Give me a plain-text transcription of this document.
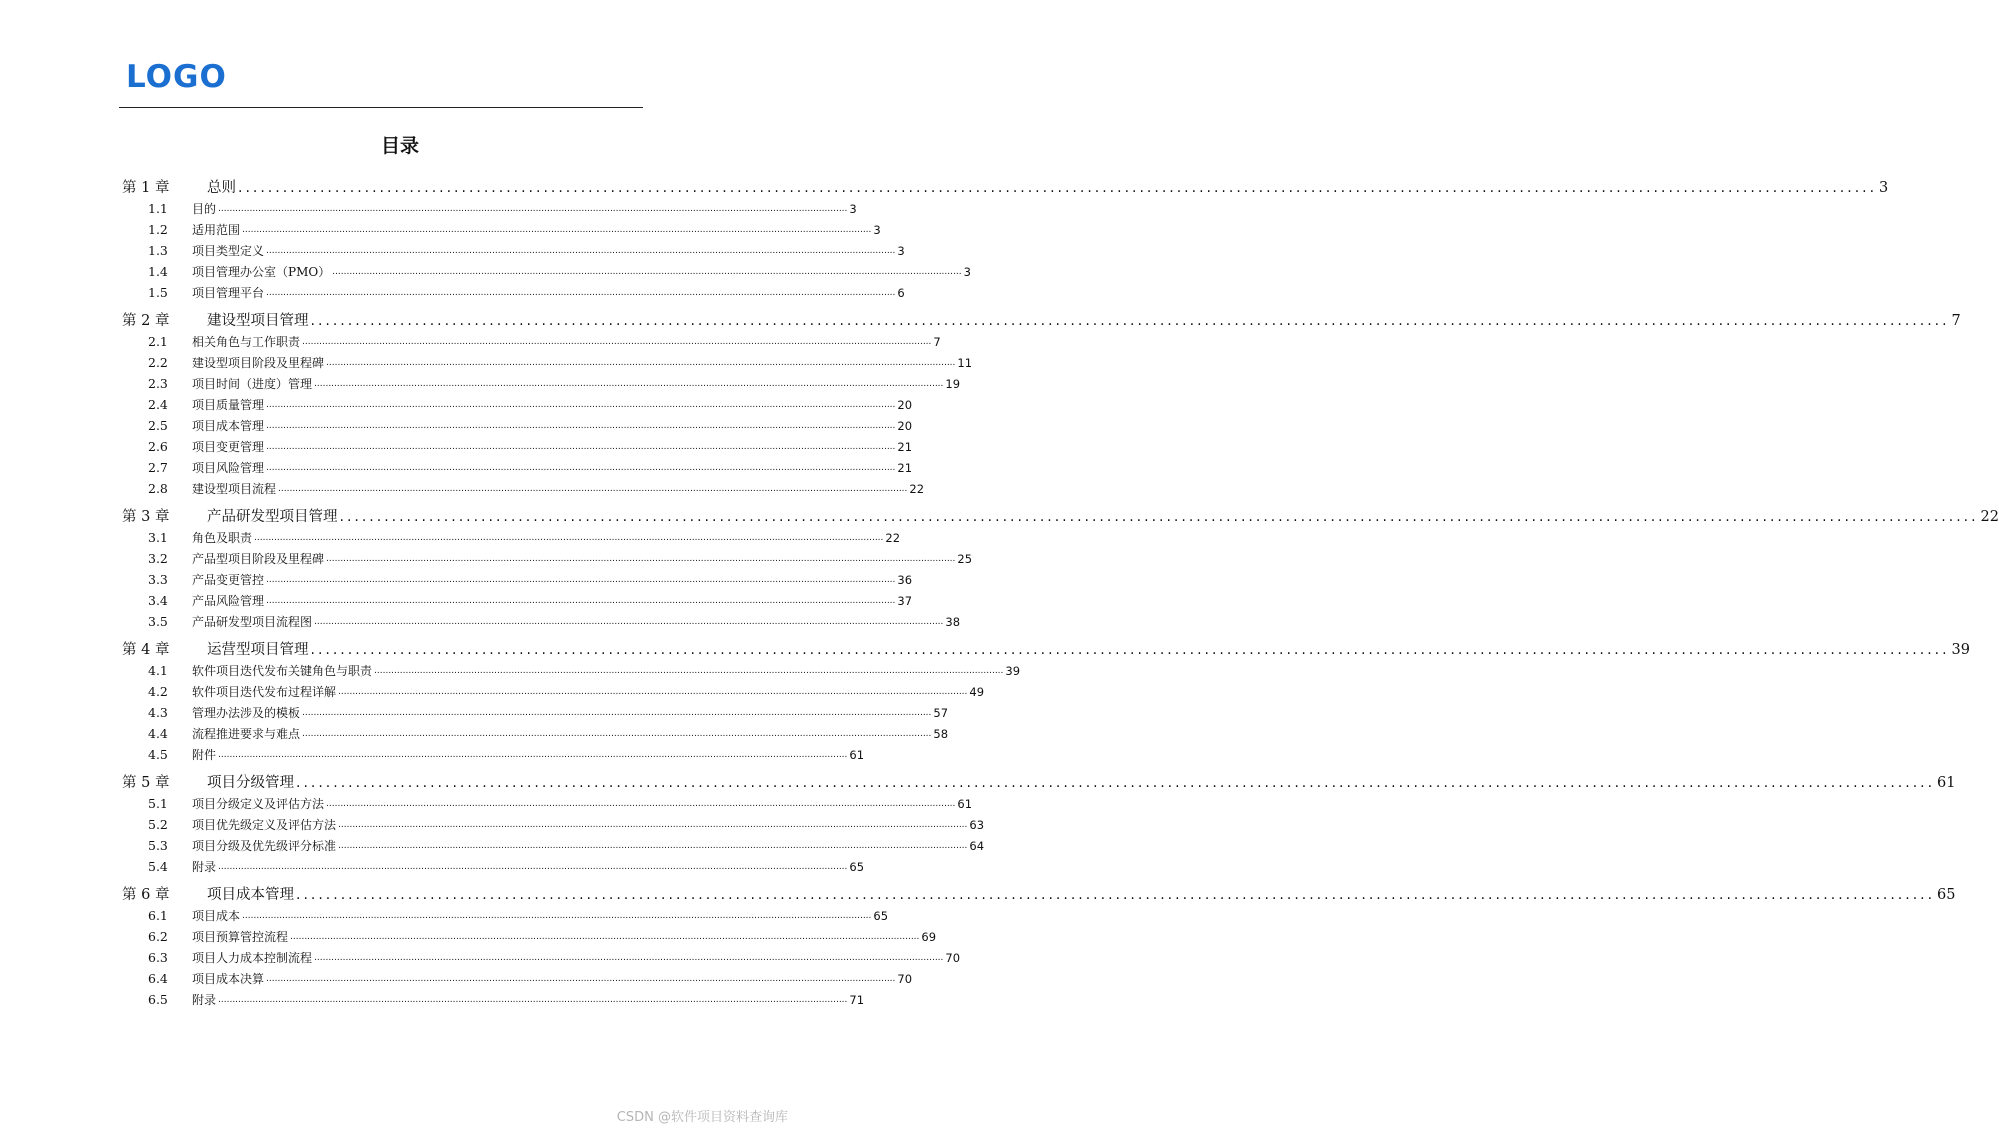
LOGO
目录
第 1 章	总则 ............................................................................................................................................................................................................................ 3
1.1	目的 ............................................................................................................................................................................................................................ 3
1.2	适用范围 ............................................................................................................................................................................................................................ 3
1.3	项目类型定义 ............................................................................................................................................................................................................................ 3
1.4	项目管理办公室（PMO） ............................................................................................................................................................................................................................ 3
1.5	项目管理平台 ............................................................................................................................................................................................................................ 6
第 2 章	建设型项目管理 ............................................................................................................................................................................................................................ 7
2.1	相关角色与工作职责 ............................................................................................................................................................................................................................ 7
2.2	建设型项目阶段及里程碑 ............................................................................................................................................................................................................................ 11
2.3	项目时间（进度）管理 ............................................................................................................................................................................................................................ 19
2.4	项目质量管理 ............................................................................................................................................................................................................................ 20
2.5	项目成本管理 ............................................................................................................................................................................................................................ 20
2.6	项目变更管理 ............................................................................................................................................................................................................................ 21
2.7	项目风险管理 ............................................................................................................................................................................................................................ 21
2.8	建设型项目流程 ............................................................................................................................................................................................................................ 22
第 3 章	产品研发型项目管理 ............................................................................................................................................................................................................................ 22
3.1	角色及职责 ............................................................................................................................................................................................................................ 22
3.2	产品型项目阶段及里程碑 ............................................................................................................................................................................................................................ 25
3.3	产品变更管控 ............................................................................................................................................................................................................................ 36
3.4	产品风险管理 ............................................................................................................................................................................................................................ 37
3.5	产品研发型项目流程图 ............................................................................................................................................................................................................................ 38
第 4 章	运营型项目管理 ............................................................................................................................................................................................................................ 39
4.1	软件项目迭代发布关键角色与职责 ............................................................................................................................................................................................................................ 39
4.2	软件项目迭代发布过程详解 ............................................................................................................................................................................................................................ 49
4.3	管理办法涉及的模板 ............................................................................................................................................................................................................................ 57
4.4	流程推进要求与难点 ............................................................................................................................................................................................................................ 58
4.5	附件 ............................................................................................................................................................................................................................ 61
第 5 章	项目分级管理 ............................................................................................................................................................................................................................ 61
5.1	项目分级定义及评估方法 ............................................................................................................................................................................................................................ 61
5.2	项目优先级定义及评估方法 ............................................................................................................................................................................................................................ 63
5.3	项目分级及优先级评分标准 ............................................................................................................................................................................................................................ 64
5.4	附录 ............................................................................................................................................................................................................................ 65
第 6 章	项目成本管理 ............................................................................................................................................................................................................................ 65
6.1	项目成本 ............................................................................................................................................................................................................................ 65
6.2	项目预算管控流程 ............................................................................................................................................................................................................................ 69
6.3	项目人力成本控制流程 ............................................................................................................................................................................................................................ 70
6.4	项目成本决算 ............................................................................................................................................................................................................................ 70
6.5	附录 ............................................................................................................................................................................................................................ 71
CSDN @软件项目资料查询库
